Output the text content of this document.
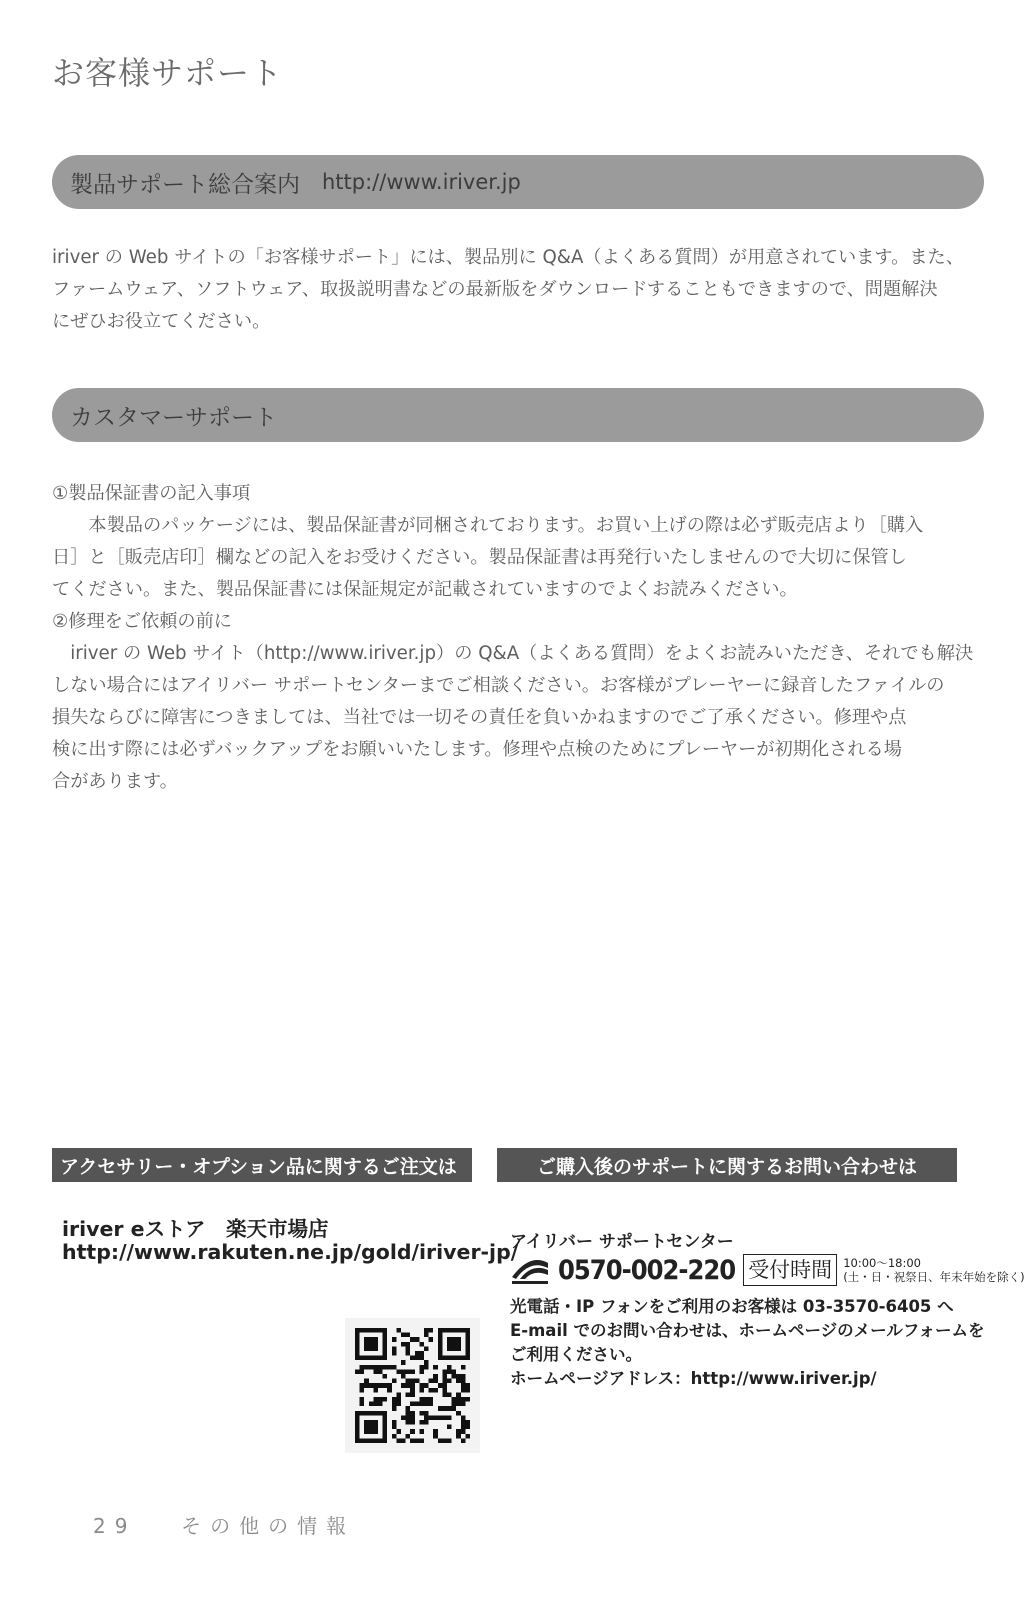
お客様サポート
製品サポート総合案内 http://www.iriver.jp
iriver の Web サイトの「お客様サポート」には、製品別に Q&A（よくある質問）が用意されています。また、
ファームウェア、ソフトウェア、取扱説明書などの最新版をダウンロードすることもできますので、問題解決
にぜひお役立てください。
カスタマーサポート
①製品保証書の記入事項
本製品のパッケージには、製品保証書が同梱されております。お買い上げの際は必ず販売店より［購入
日］と［販売店印］欄などの記入をお受けください。製品保証書は再発行いたしませんので大切に保管し
てください。また、製品保証書には保証規定が記載されていますのでよくお読みください。
②修理をご依頼の前に
iriver の Web サイト（http://www.iriver.jp）の Q&A（よくある質問）をよくお読みいただき、それでも解決
しない場合にはアイリバー サポートセンターまでご相談ください。お客様がプレーヤーに録音したファイルの
損失ならびに障害につきましては、当社では一切その責任を負いかねますのでご了承ください。修理や点
検に出す際には必ずバックアップをお願いいたします。修理や点検のためにプレーヤーが初期化される場
合があります。
アクセサリー・オプション品に関するご注文は
iriver eストア　楽天市場店
http://www.rakuten.ne.jp/gold/iriver-jp/
ご購入後のサポートに関するお問い合わせは
アイリバー サポートセンター
0570-002-220 受付時間 10:00〜18:00
(土・日・祝祭日、年末年始を除く)
光電話・IP フォンをご利用のお客様は 03-3570-6405 へ
E-mail でのお問い合わせは、ホームページのメールフォームを
ご利用ください。
ホームページアドレス：http://www.iriver.jp/
29 その他の情報
